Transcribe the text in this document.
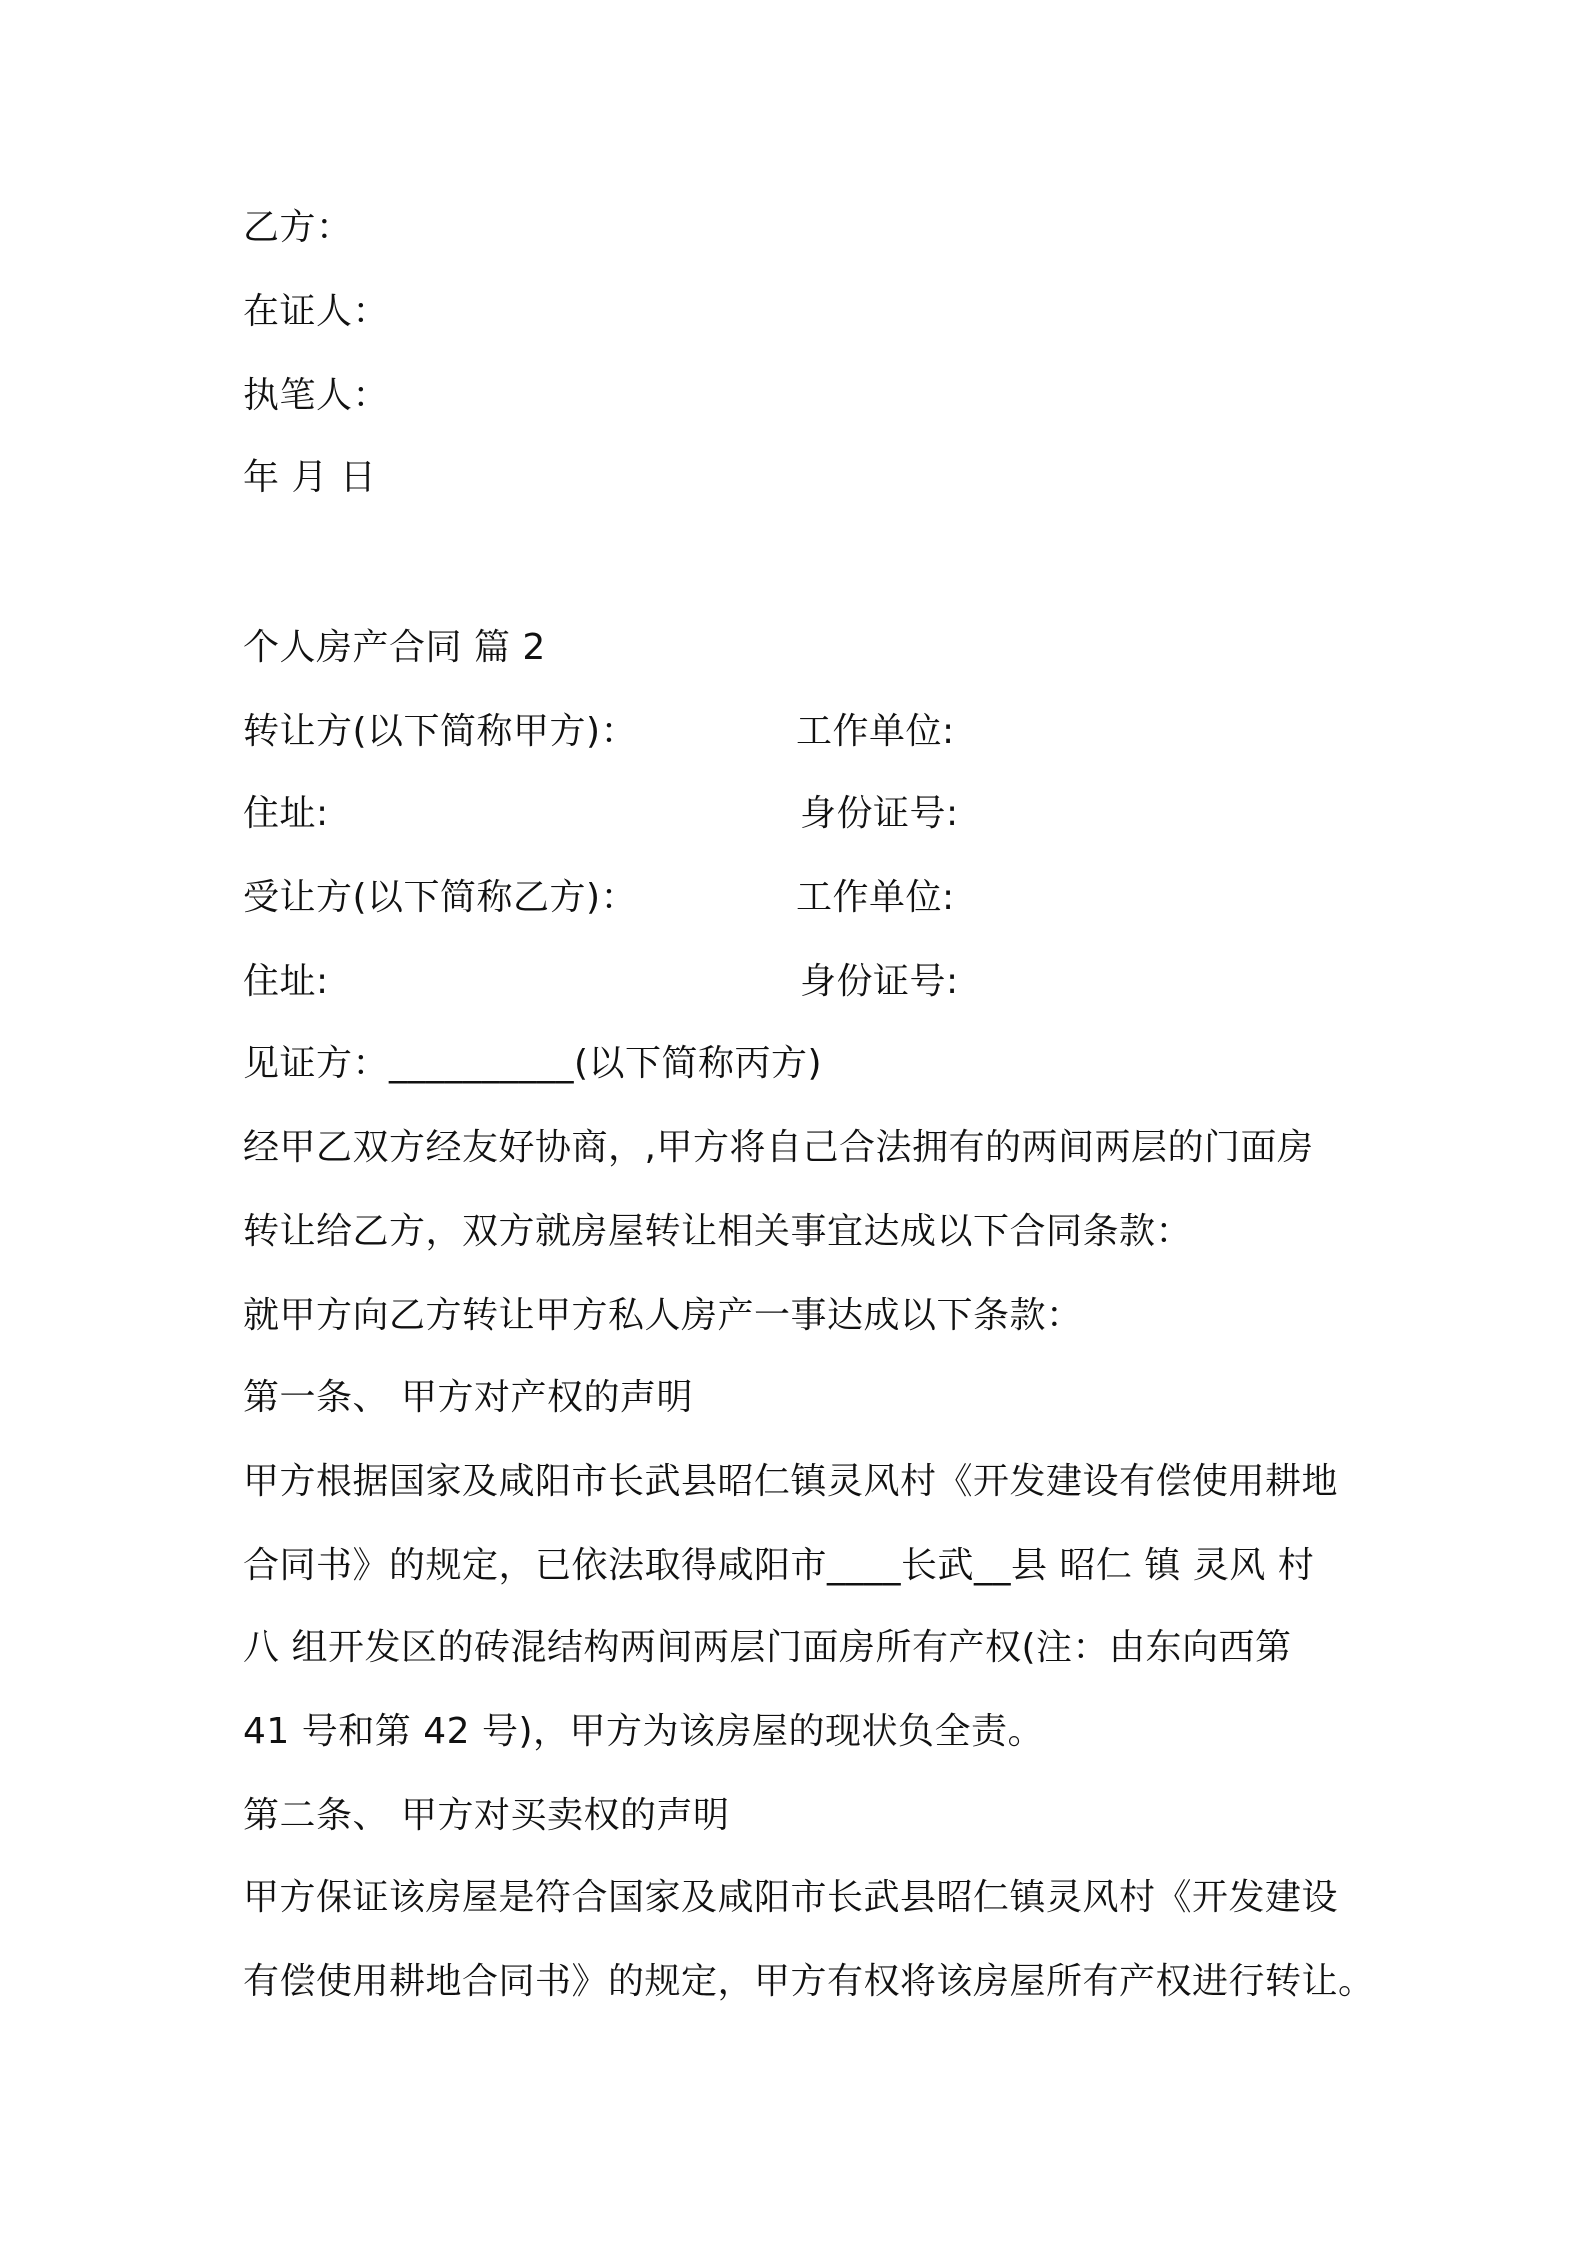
乙方：
在证人：
执笔人：
年 月 日
个人房产合同 篇 2
转让方(以下简称甲方)：	工作单位:
住址:	身份证号:
受让方(以下简称乙方)：	工作单位:
住址:	身份证号:
见证方：__________(以下简称丙方)
经甲乙双方经友好协商，,甲方将自己合法拥有的两间两层的门面房
转让给乙方，双方就房屋转让相关事宜达成以下合同条款：
就甲方向乙方转让甲方私人房产一事达成以下条款：
第一条、 甲方对产权的声明
甲方根据国家及咸阳市长武县昭仁镇灵风村《开发建设有偿使用耕地
合同书》的规定，已依法取得咸阳市____长武__县 昭仁 镇 灵风 村
八 组开发区的砖混结构两间两层门面房所有产权(注：由东向西第
41 号和第 42 号)，甲方为该房屋的现状负全责。
第二条、 甲方对买卖权的声明
甲方保证该房屋是符合国家及咸阳市长武县昭仁镇灵风村《开发建设
有偿使用耕地合同书》的规定，甲方有权将该房屋所有产权进行转让。
